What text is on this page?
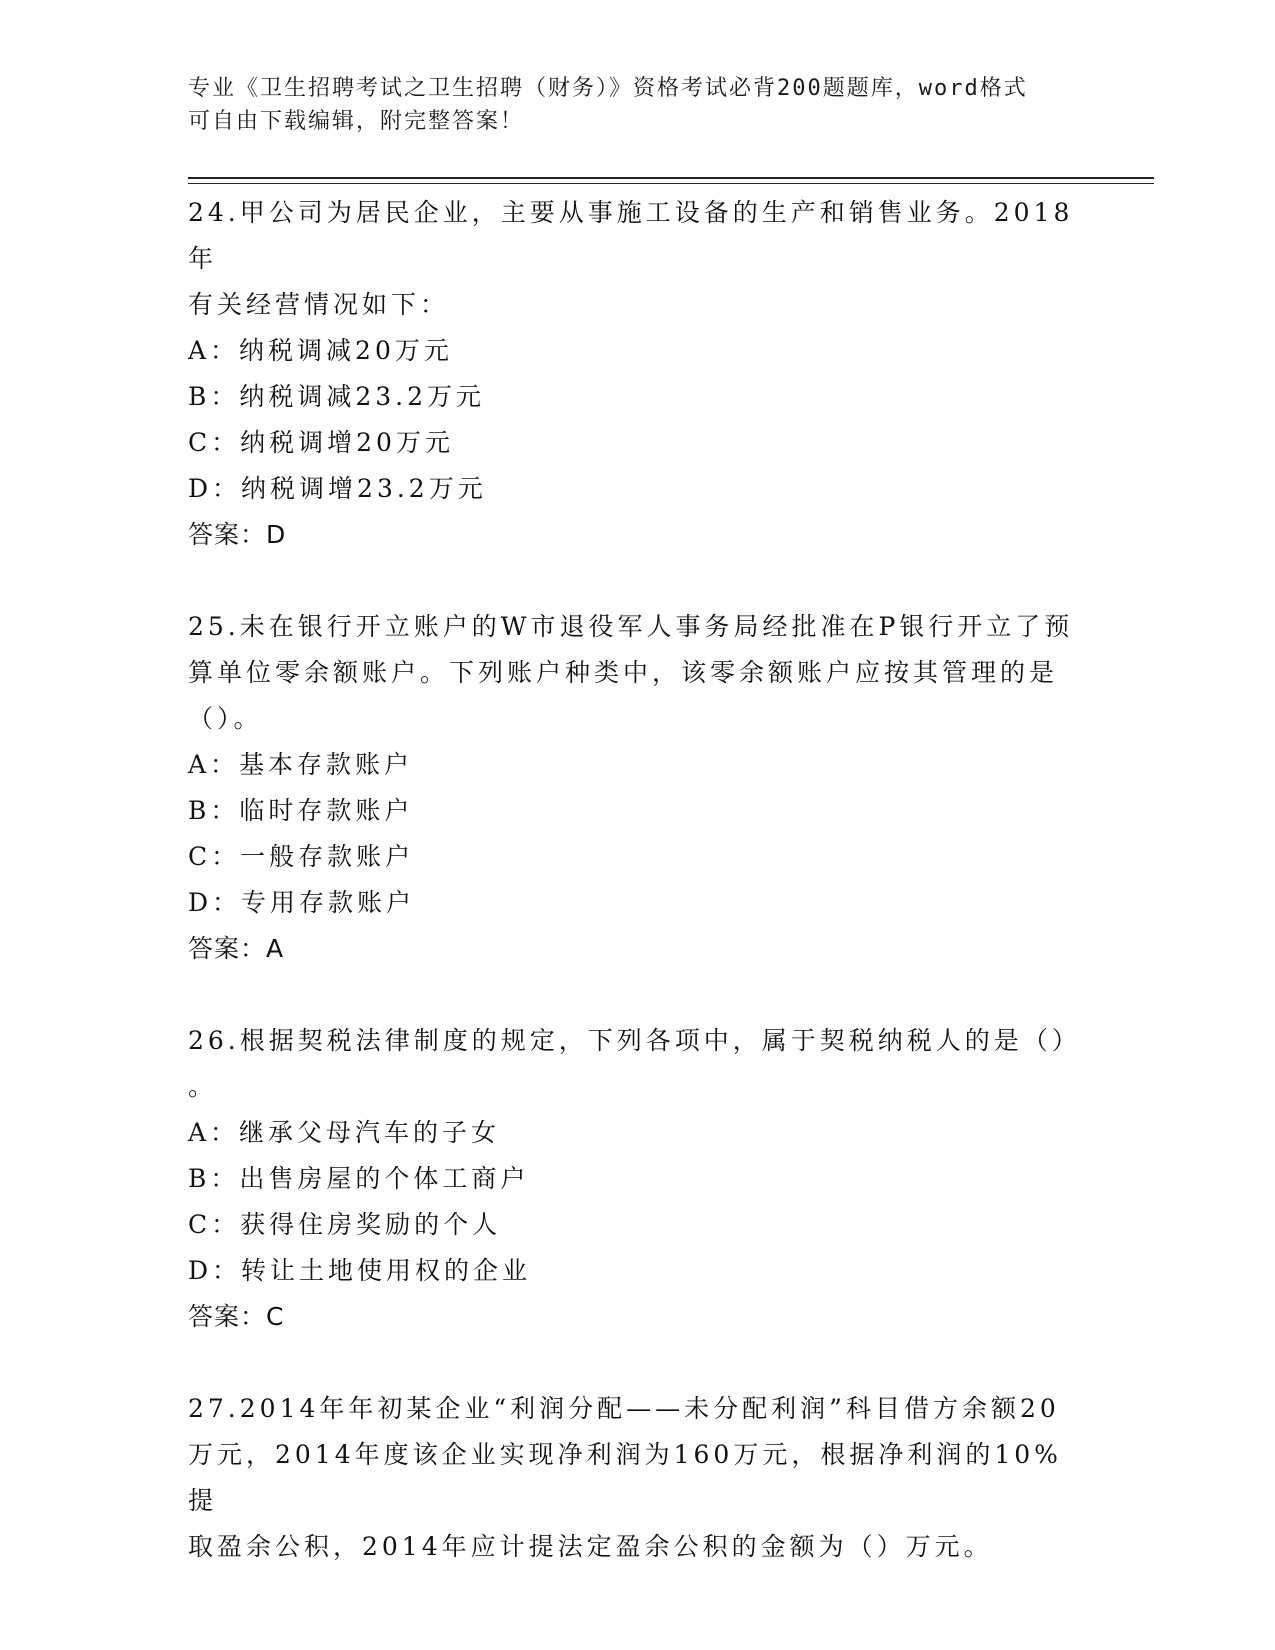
专业《卫生招聘考试之卫生招聘（财务）》资格考试必背200题题库，word格式
可自由下载编辑，附完整答案！
24.甲公司为居民企业，主要从事施工设备的生产和销售业务。2018年
有关经营情况如下：
A：纳税调减20万元
B：纳税调减23.2万元
C：纳税调增20万元
D：纳税调增23.2万元
答案：D
25.未在银行开立账户的W市退役军人事务局经批准在P银行开立了预
算单位零余额账户。下列账户种类中，该零余额账户应按其管理的是
（）。
A：基本存款账户
B：临时存款账户
C：一般存款账户
D：专用存款账户
答案：A
26.根据契税法律制度的规定，下列各项中，属于契税纳税人的是（）
。
A：继承父母汽车的子女
B：出售房屋的个体工商户
C：获得住房奖励的个人
D：转让土地使用权的企业
答案：C
27.2014年年初某企业“利润分配——未分配利润”科目借方余额20
万元，2014年度该企业实现净利润为160万元，根据净利润的10%提
取盈余公积，2014年应计提法定盈余公积的金额为（）万元。
